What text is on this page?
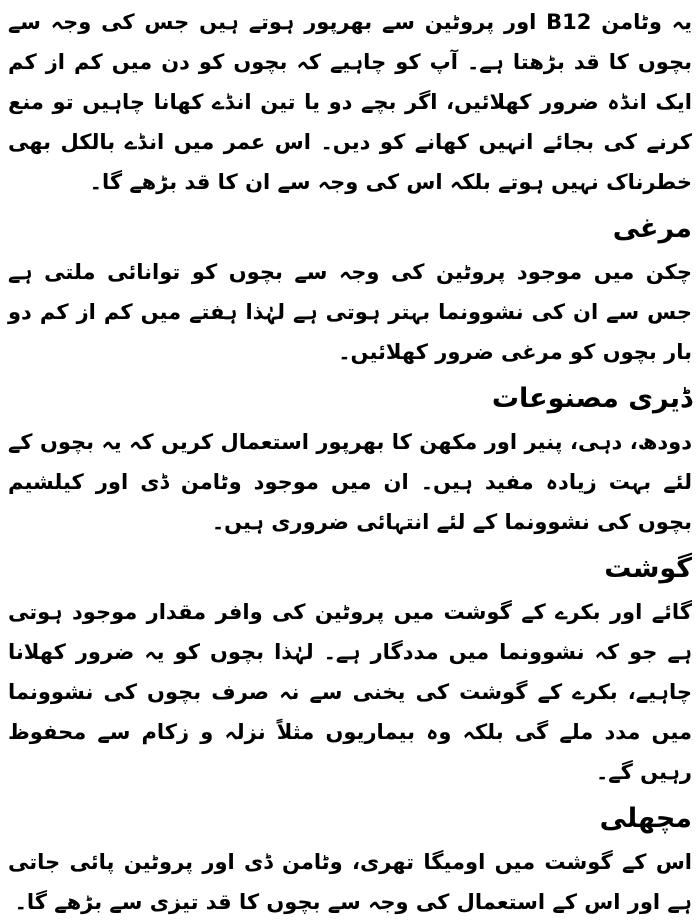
یہ وٹامن B12 اور پروٹین سے بھرپور ہوتے ہیں جس کی وجہ سے بچوں کا قد بڑھتا ہے۔ آپ کو چاہیے کہ بچوں کو دن میں کم از کم ایک انڈہ ضرور کھلائیں، اگر بچے دو یا تین انڈے کھانا چاہیں تو منع کرنے کی بجائے انہیں کھانے کو دیں۔ اس عمر میں انڈے بالکل بھی خطرناک نہیں ہوتے بلکہ اس کی وجہ سے ان کا قد بڑھے گا۔

مرغی

چکن میں موجود پروٹین کی وجہ سے بچوں کو توانائی ملتی ہے جس سے ان کی نشوونما بہتر ہوتی ہے لہٰذا ہفتے میں کم از کم دو بار بچوں کو مرغی ضرور کھلائیں۔

ڈیری مصنوعات

دودھ، دہی، پنیر اور مکھن کا بھرپور استعمال کریں کہ یہ بچوں کے لئے بہت زیادہ مفید ہیں۔ ان میں موجود وٹامن ڈی اور کیلشیم بچوں کی نشوونما کے لئے انتہائی ضروری ہیں۔

گوشت

گائے اور بکرے کے گوشت میں پروٹین کی وافر مقدار موجود ہوتی ہے جو کہ نشوونما میں مددگار ہے۔ لہٰذا بچوں کو یہ ضرور کھلانا چاہیے، بکرے کے گوشت کی یخنی سے نہ صرف بچوں کی نشوونما میں مدد ملے گی بلکہ وہ بیماریوں مثلاً نزلہ و زکام سے محفوظ رہیں گے۔

مچھلی

اس کے گوشت میں اومیگا تھری، وٹامن ڈی اور پروٹین پائی جاتی ہے اور اس کے استعمال کی وجہ سے بچوں کا قد تیزی سے بڑھے گا۔
